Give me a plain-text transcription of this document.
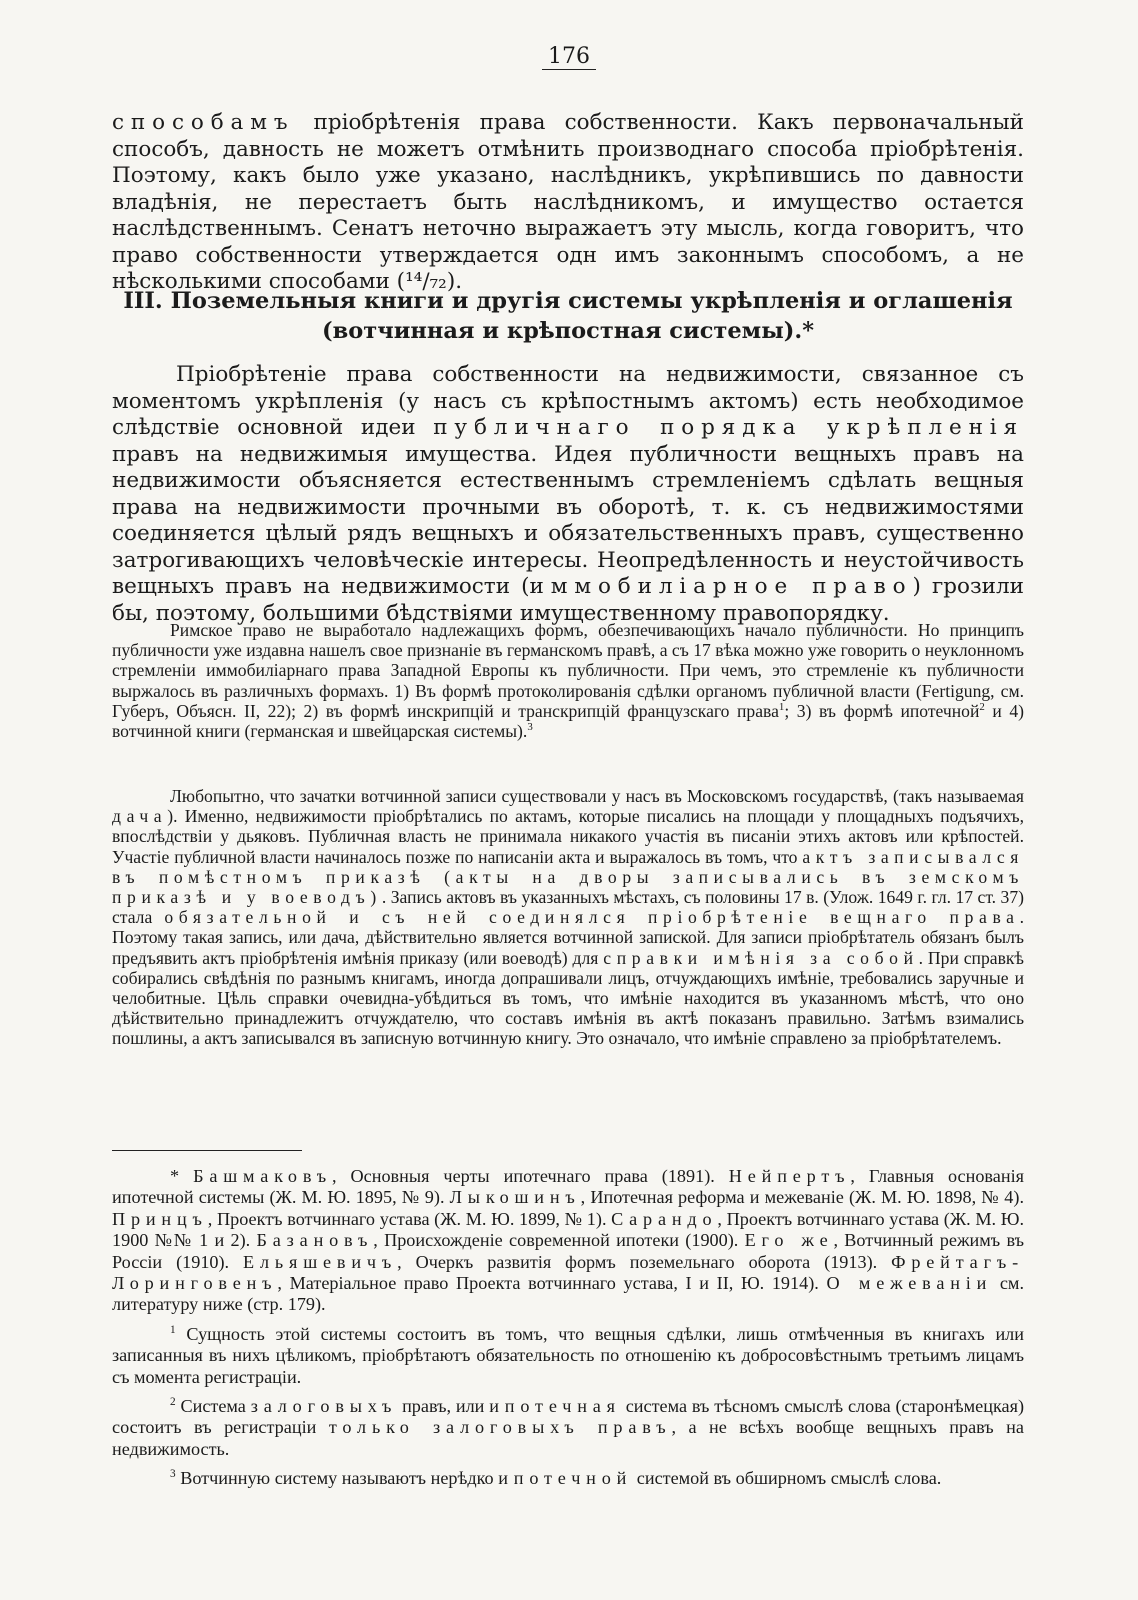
176

способамъ пріобрѣтенія права собственности. Какъ первоначальный способъ, давность не можетъ отмѣнить производнаго способа пріобрѣтенія. Поэтому, какъ было уже указано, наслѣдникъ, укрѣпившись по давности владѣнія, не перестаетъ быть наслѣдникомъ, и имущество остается наслѣдственнымъ. Сенатъ неточно выражаетъ эту мысль, когда говоритъ, что право собственности утверждается одн имъ законнымъ способомъ, а не нѣсколькими способами (¹⁴/₇₂).

III. Поземельныя книги и другія системы укрѣпленія и оглашенія
(вотчинная и крѣпостная системы).*

Пріобрѣтеніе права собственности на недвижимости, связанное съ моментомъ укрѣпленія (у насъ съ крѣпостнымъ актомъ) есть необходимое слѣдствіе основной идеи публичнаго порядка укрѣпленія правъ на недвижимыя имущества. Идея публичности вещныхъ правъ на недвижимости объясняется естественнымъ стремленіемъ сдѣлать вещныя права на недвижимости прочными въ оборотѣ, т. к. съ недвижимостями соединяется цѣлый рядъ вещныхъ и обязательственныхъ правъ, существенно затрогивающихъ человѣческіе интересы. Неопредѣленность и неустойчивость вещныхъ правъ на недвижимости (иммобиліарное право) грозили бы, поэтому, большими бѣдствіями имущественному правопорядку.

Римское право не выработало надлежащихъ формъ, обезпечивающихъ начало публичности. Но принципъ публичности уже издавна нашелъ свое признаніе въ германскомъ правѣ, а съ 17 вѣка можно уже говорить о неуклонномъ стремленіи иммобиліарнаго права Западной Европы къ публичности. При чемъ, это стремленіе къ публичности выржалось въ различныхъ формахъ. 1) Въ формѣ протоколированія сдѣлки органомъ публичной власти (Fertigung, см. Губеръ, Объясн. II, 22); 2) въ формѣ инскрипцій и транскрипцій французскаго права$^1$; 3) въ формѣ ипотечной$^2$ и 4) вотчинной книги (германская и швейцарская системы).$^3$

Любопытно, что зачатки вотчинной записи существовали у насъ въ Московскомъ государствѣ, (такъ называемая дача). Именно, недвижимости пріобрѣтались по актамъ, которые писались на площади у площадныхъ подъячихъ, впослѣдствіи у дьяковъ. Публичная власть не принимала никакого участія въ писаніи этихъ актовъ или крѣпостей. Участіе публичной власти начиналось позже по написаніи акта и выражалось въ томъ, что актъ записывался въ помѣстномъ приказѣ (акты на дворы записывались въ земскомъ приказѣ и у воеводъ). Запись актовъ въ указанныхъ мѣстахъ, съ половины 17 в. (Улож. 1649 г. гл. 17 ст. 37) стала обязательной и съ ней соединялся пріобрѣтеніе вещнаго права. Поэтому такая запись, или дача, дѣйствительно является вотчинной запиской. Для записи пріобрѣтатель обязанъ былъ предъявить актъ пріобрѣтенія имѣнія приказу (или воеводѣ) для справки имѣнія за собой. При справкѣ собирались свѣдѣнія по разнымъ книгамъ, иногда допрашивали лицъ, отчуждающихъ имѣніе, требовались заручные и челобитные. Цѣль справки очевидна-убѣдиться въ томъ, что имѣніе находится въ указанномъ мѣстѣ, что оно дѣйствительно принадлежитъ отчуждателю, что составъ имѣнія въ актѣ показанъ правильно. Затѣмъ взимались пошлины, а актъ записывался въ записную вотчинную книгу. Это означало, что имѣніе справлено за пріобрѣтателемъ.

* Башмаковъ, Основныя черты ипотечнаго права (1891). Нейпертъ, Главныя основанія ипотечной системы (Ж. М. Ю. 1895, № 9). Лыкошинъ, Ипотечная реформа и межеваніе (Ж. М. Ю. 1898, № 4). Принцъ, Проектъ вотчиннаго устава (Ж. М. Ю. 1899, № 1). Сарандо, Проектъ вотчиннаго устава (Ж. М. Ю. 1900 №№ 1 и 2). Базановъ, Происхожденіе современной ипотеки (1900). Его же, Вотчинный режимъ въ Россіи (1910). Ельяшевичъ, Очеркъ развитія формъ поземельнаго оборота (1913). Фрейтагъ-Лоринговенъ, Матеріальное право Проекта вотчиннаго устава, I и II, Ю. 1914). О межеваніи см. литературу ниже (стр. 179).

$^1$ Сущность этой системы состоитъ въ томъ, что вещныя сдѣлки, лишь отмѣченныя въ книгахъ или записанныя въ нихъ цѣликомъ, пріобрѣтаютъ обязательность по отношенію къ добросовѣстнымъ третьимъ лицамъ съ момента регистраціи.

$^2$ Система залоговыхъ правъ, или ипотечная система въ тѣсномъ смыслѣ слова (старонѣмецкая) состоитъ въ регистраціи только залоговыхъ правъ, а не всѣхъ вообще вещныхъ правъ на недвижимость.

$^3$ Вотчинную систему называютъ нерѣдко ипотечной системой въ обширномъ смыслѣ слова.
